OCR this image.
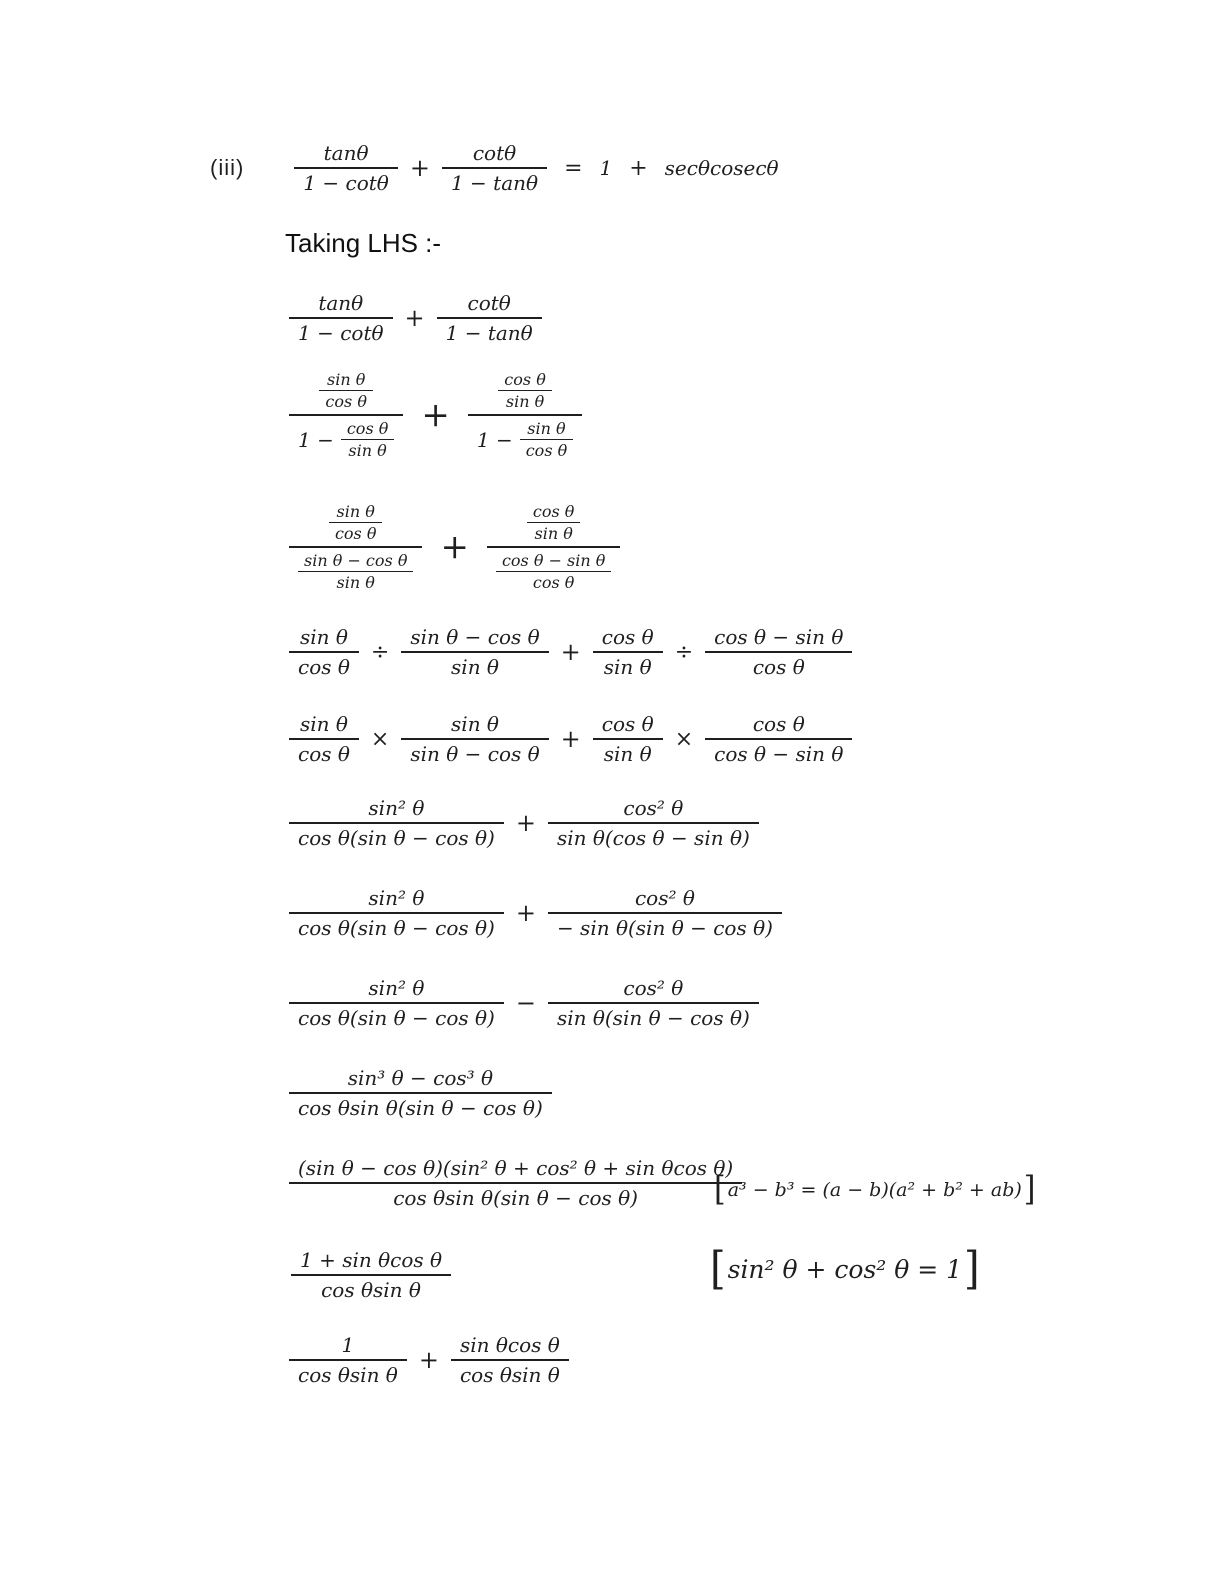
(iii)	$\frac{\tan\theta}{1 - \cot\theta} + \frac{\cot\theta}{1 - \tan\theta} = 1 + \sec\theta cosec\theta$
Taking LHS :-
$\frac{\tan\theta}{1 - \cot\theta} + \frac{\cot\theta}{1 - \tan\theta}$
$\frac{\frac{\text{sin θ}}{\text{cos θ}}}{1 - \frac{\text{cos θ}}{\text{sin θ}}}$ +	$\frac{\frac{\text{cos θ}}{\text{sin θ}}}{1 - \frac{\text{sin θ}}{\text{cos θ}}}$
$\frac{\frac{\text{sin θ}}{\text{cos θ}}}{\frac{\text{sin θ − cos θ}}{\text{sin θ}}}$ +	$\frac{\frac{\text{cos θ}}{\text{sin θ}}}{\frac{\text{cos θ − sin θ}}{\text{cos θ}}}$
$\frac{\text{sin θ}}{\text{cos θ}} \div \frac{\text{sin θ − cos θ}}{\text{sin θ}} + \frac{\text{cos θ}}{\text{sin θ}} \div \frac{\text{cos θ − sin θ}}{\text{cos θ}}$
$\frac{\text{sin θ}}{\text{cos θ}} \times \frac{\text{sin θ}}{\text{sin θ − cos θ}} + \frac{\text{cos θ}}{\text{sin θ}} \times \frac{\text{cos θ}}{\text{cos θ − sin θ}}$
$\frac{\text{sin² θ}}{\text{cos θ(sin θ − cos θ)}} + \frac{\text{cos² θ}}{\text{sin θ(cos θ − sin θ)}}$
$\frac{\text{sin² θ}}{\text{cos θ(sin θ − cos θ)}} + \frac{\text{cos² θ}}{\text{− sin θ(sin θ − cos θ)}}$
$\frac{\text{sin² θ}}{\text{cos θ(sin θ − cos θ)}} - \frac{\text{cos² θ}}{\text{sin θ(sin θ − cos θ)}}$
$\frac{\text{sin³ θ − cos³ θ}}{\text{cos θsin θ(sin θ − cos θ)}}$
$\frac{\text{(sin θ − cos θ)(sin² θ + cos² θ + sin θcos θ)}}{\text{cos θsin θ(sin θ − cos θ)}}$
[ a³ − b³ = (a − b)(a² + b² + ab) ]
$\frac{\text{1 + sin θcos θ}}{\text{cos θsin θ}}$	[ sin² θ + cos² θ = 1 ]
$\frac{1}{\text{cos θsin θ}} + \frac{\text{sin θcos θ}}{\text{cos θsin θ}}$
